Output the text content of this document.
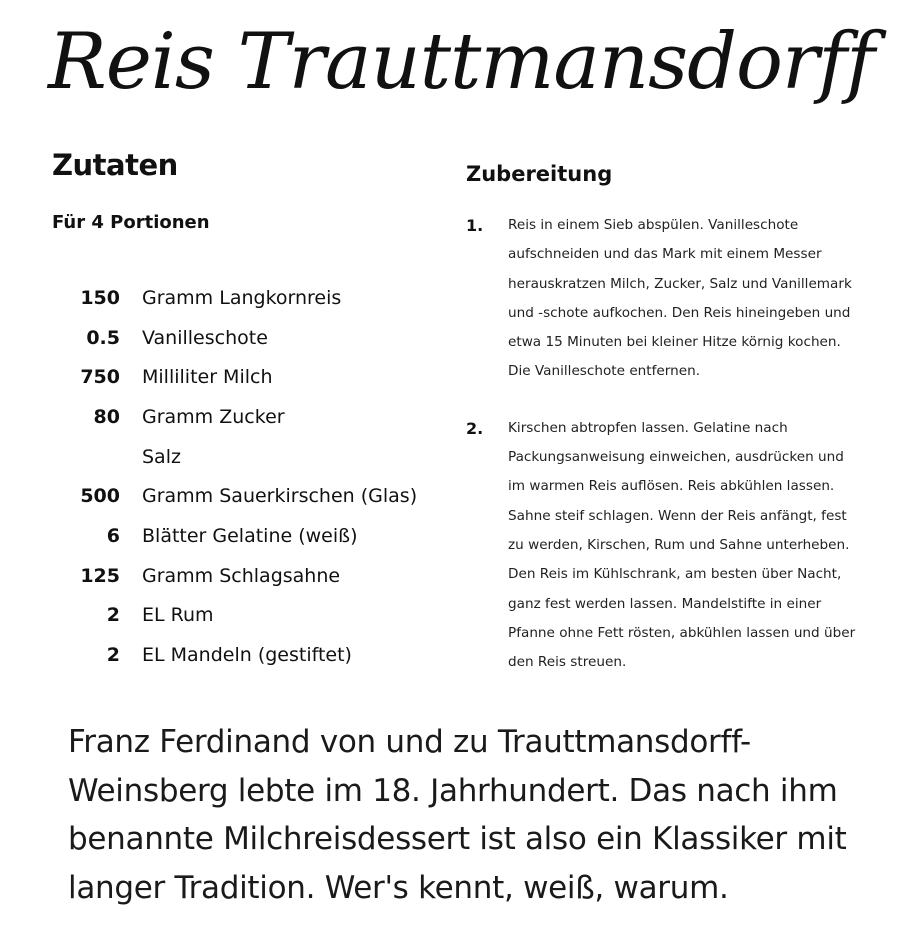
Reis Trauttmansdorff
Zutaten
Für 4 Portionen
150	Gramm Langkornreis
0.5	Vanilleschote
750	Milliliter Milch
80	Gramm Zucker
Salz
500	Gramm Sauerkirschen (Glas)
6	Blätter Gelatine (weiß)
125	Gramm Schlagsahne
2	EL Rum
2	EL Mandeln (gestiftet)
Zubereitung
1.	Reis in einem Sieb abspülen. Vanilleschote aufschneiden und das Mark mit einem Messer herauskratzen Milch, Zucker, Salz und Vanillemark und -schote aufkochen. Den Reis hineingeben und etwa 15 Minuten bei kleiner Hitze körnig kochen. Die Vanilleschote entfernen.
2.	Kirschen abtropfen lassen. Gelatine nach Packungsanweisung einweichen, ausdrücken und im warmen Reis auflösen. Reis abkühlen lassen. Sahne steif schlagen. Wenn der Reis anfängt, fest zu werden, Kirschen, Rum und Sahne unterheben. Den Reis im Kühlschrank, am besten über Nacht, ganz fest werden lassen. Mandelstifte in einer Pfanne ohne Fett rösten, abkühlen lassen und über den Reis streuen.

Franz Ferdinand von und zu Trauttmansdorff-Weinsberg lebte im 18. Jahrhundert. Das nach ihm benannte Milchreisdessert ist also ein Klassiker mit langer Tradition. Wer's kennt, weiß, warum.
